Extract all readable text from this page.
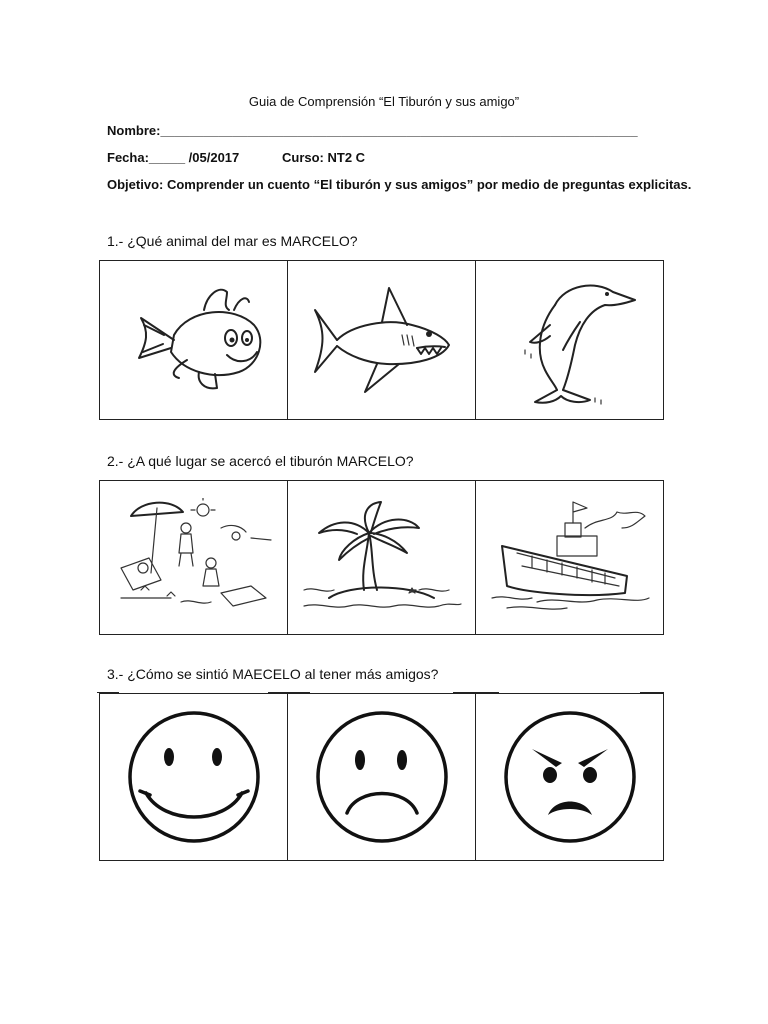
Guia de Comprensión “El Tiburón y sus amigo”
Nombre:__________________________________________________________________
Fecha:_____ /05/2017	Curso: NT2 C
Objetivo: Comprender un cuento “El tiburón y sus amigos” por medio de preguntas explicitas.
1.- ¿Qué animal del mar es MARCELO?
2.- ¿A qué lugar se acercó el tiburón MARCELO?
3.- ¿Cómo se sintió MAECELO al tener más amigos?
